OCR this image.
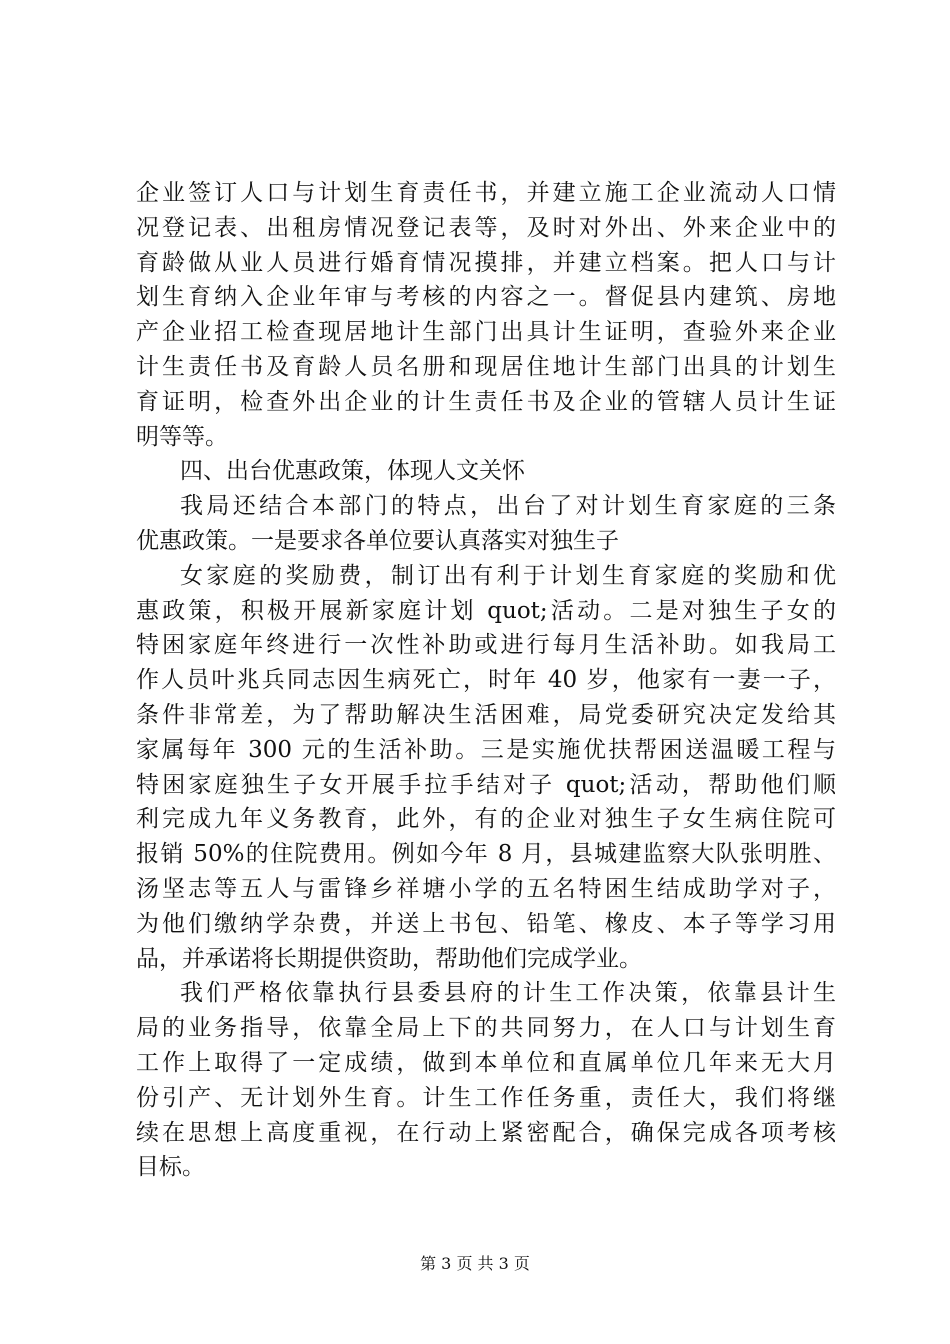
企业签订人口与计划生育责任书，并建立施工企业流动人口情
况登记表、出租房情况登记表等，及时对外出、外来企业中的
育龄做从业人员进行婚育情况摸排，并建立档案。把人口与计
划生育纳入企业年审与考核的内容之一。督促县内建筑、房地
产企业招工检查现居地计生部门出具计生证明，查验外来企业
计生责任书及育龄人员名册和现居住地计生部门出具的计划生
育证明，检查外出企业的计生责任书及企业的管辖人员计生证
明等等。
四、出台优惠政策，体现人文关怀
我局还结合本部门的特点，出台了对计划生育家庭的三条
优惠政策。一是要求各单位要认真落实对独生子
女家庭的奖励费，制订出有利于计划生育家庭的奖励和优
惠政策，积极开展新家庭计划 quot;活动。二是对独生子女的
特困家庭年终进行一次性补助或进行每月生活补助。如我局工
作人员叶兆兵同志因生病死亡，时年 40 岁，他家有一妻一子，
条件非常差，为了帮助解决生活困难，局党委研究决定发给其
家属每年 300 元的生活补助。三是实施优扶帮困送温暖工程与
特困家庭独生子女开展手拉手结对子 quot;活动，帮助他们顺
利完成九年义务教育，此外，有的企业对独生子女生病住院可
报销 50%的住院费用。例如今年 8 月，县城建监察大队张明胜、
汤坚志等五人与雷锋乡祥塘小学的五名特困生结成助学对子，
为他们缴纳学杂费，并送上书包、铅笔、橡皮、本子等学习用
品，并承诺将长期提供资助，帮助他们完成学业。
我们严格依靠执行县委县府的计生工作决策，依靠县计生
局的业务指导，依靠全局上下的共同努力，在人口与计划生育
工作上取得了一定成绩，做到本单位和直属单位几年来无大月
份引产、无计划外生育。计生工作任务重，责任大，我们将继
续在思想上高度重视，在行动上紧密配合，确保完成各项考核
目标。
第 3 页 共 3 页
